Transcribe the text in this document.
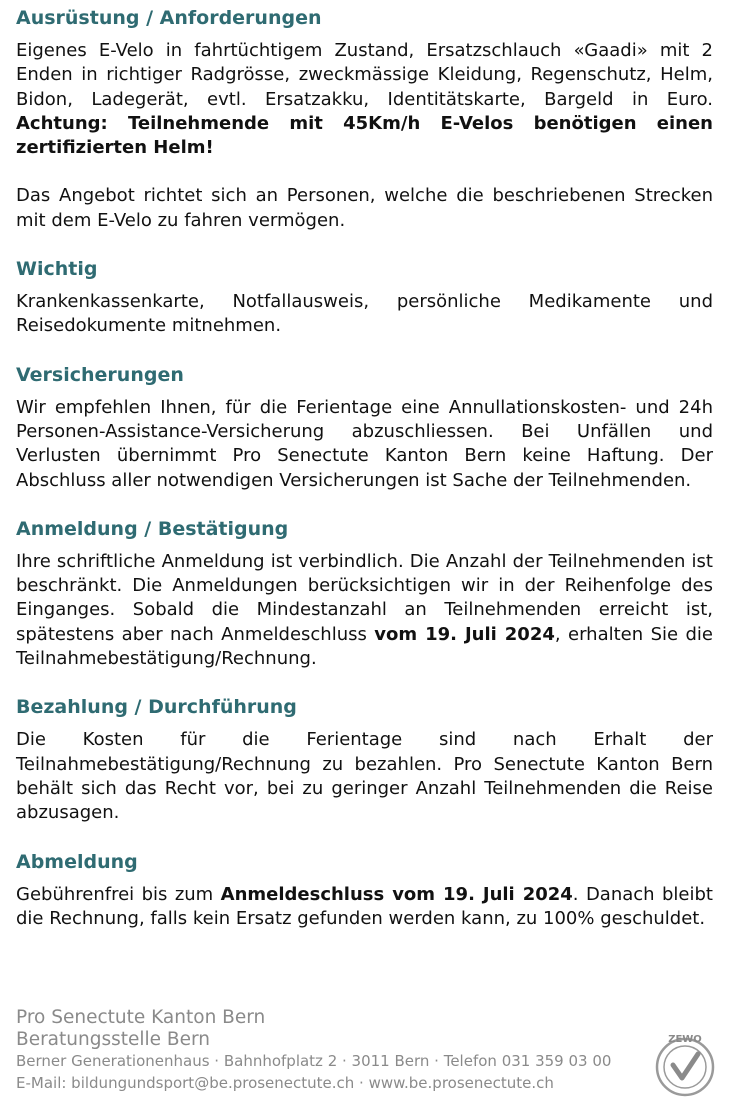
Ausrüstung / Anforderungen

Eigenes E-Velo in fahrtüchtigem Zustand, Ersatzschlauch «Gaadi» mit 2 Enden in richtiger Radgrösse, zweckmässige Kleidung, Regenschutz, Helm, Bidon, Ladegerät, evtl. Ersatzakku, Identitätskarte, Bargeld in Euro. Achtung: Teilnehmende mit 45Km/h E-Velos benötigen einen zertifizierten Helm!

Das Angebot richtet sich an Personen, welche die beschriebenen Strecken mit dem E-Velo zu fahren vermögen.

Wichtig

Krankenkassenkarte, Notfallausweis, persönliche Medikamente und Reisedokumente mitnehmen.

Versicherungen

Wir empfehlen Ihnen, für die Ferientage eine Annullationskosten- und 24h Personen-Assistance-Versicherung abzuschliessen. Bei Unfällen und Verlusten übernimmt Pro Senectute Kanton Bern keine Haftung. Der Abschluss aller notwendigen Versicherungen ist Sache der Teilnehmenden.

Anmeldung / Bestätigung

Ihre schriftliche Anmeldung ist verbindlich. Die Anzahl der Teilnehmenden ist beschränkt. Die Anmeldungen berücksichtigen wir in der Reihenfolge des Einganges. Sobald die Mindestanzahl an Teilnehmenden erreicht ist, spätestens aber nach Anmeldeschluss vom 19. Juli 2024, erhalten Sie die Teilnahmebestätigung/Rechnung.

Bezahlung / Durchführung

Die Kosten für die Ferientage sind nach Erhalt der Teilnahmebestätigung/Rechnung zu bezahlen. Pro Senectute Kanton Bern behält sich das Recht vor, bei zu geringer Anzahl Teilnehmenden die Reise abzusagen.

Abmeldung

Gebührenfrei bis zum Anmeldeschluss vom 19. Juli 2024. Danach bleibt die Rechnung, falls kein Ersatz gefunden werden kann, zu 100% geschuldet.

Pro Senectute Kanton Bern

Beratungsstelle Bern

Berner Generationenhaus · Bahnhofplatz 2 · 3011 Bern · Telefon 031 359 03 00

E-Mail: bildungundsport@be.prosenectute.ch · www.be.prosenectute.ch

ZEWO
